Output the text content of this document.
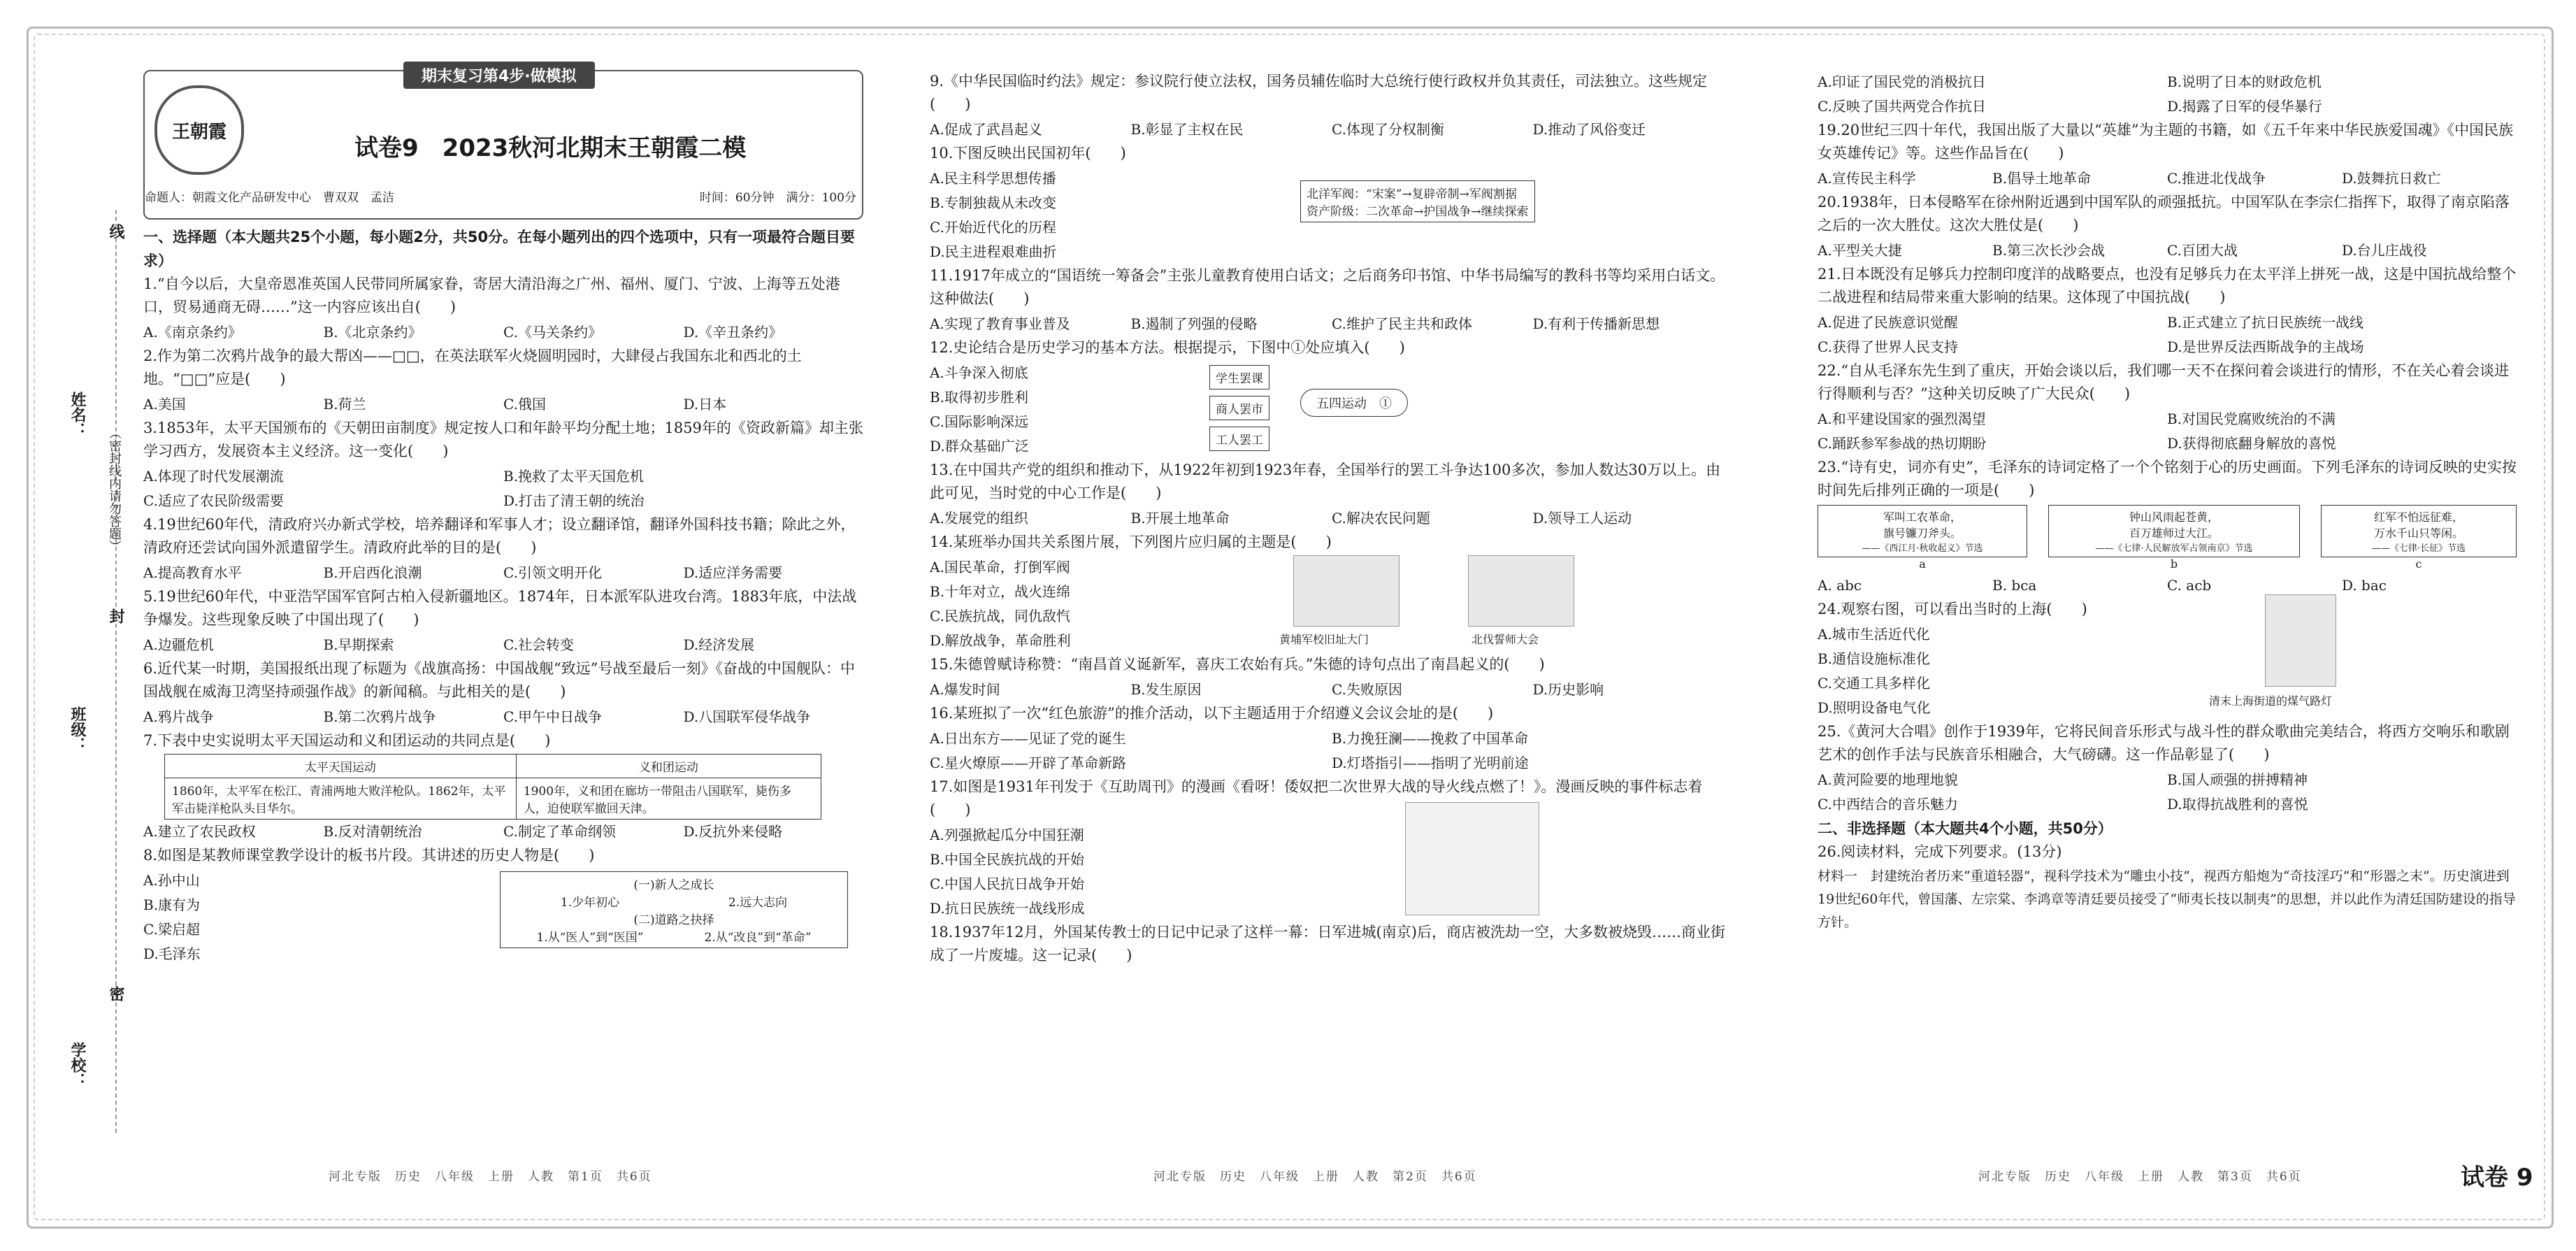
线
姓名：
（密封线内请勿答题）
封
班级：
密
学校：
期末复习第4步·做模拟
王朝霞
试卷9　2023秋河北期末王朝霞二模
命题人：朝霞文化产品研发中心　曹双双　孟洁	时间：60分钟　满分：100分
一、选择题（本大题共25个小题，每小题2分，共50分。在每小题列出的四个选项中，只有一项最符合题目要求）
1.“自今以后，大皇帝恩准英国人民带同所属家眷，寄居大清沿海之广州、福州、厦门、宁波、上海等五处港口，贸易通商无碍……”这一内容应该出自(　　)
A.《南京条约》	B.《北京条约》	C.《马关条约》	D.《辛丑条约》
2.作为第二次鸦片战争的最大帮凶——□□，在英法联军火烧圆明园时，大肆侵占我国东北和西北的土地。“□□”应是(　　)
A.美国	B.荷兰	C.俄国	D.日本
3.1853年，太平天国颁布的《天朝田亩制度》规定按人口和年龄平均分配土地；1859年的《资政新篇》却主张学习西方，发展资本主义经济。这一变化(　　)
A.体现了时代发展潮流	B.挽救了太平天国危机
C.适应了农民阶级需要	D.打击了清王朝的统治
4.19世纪60年代，清政府兴办新式学校，培养翻译和军事人才；设立翻译馆，翻译外国科技书籍；除此之外，清政府还尝试向国外派遣留学生。清政府此举的目的是(　　)
A.提高教育水平	B.开启西化浪潮	C.引领文明开化	D.适应洋务需要
5.19世纪60年代，中亚浩罕国军官阿古柏入侵新疆地区。1874年，日本派军队进攻台湾。1883年底，中法战争爆发。这些现象反映了中国出现了(　　)
A.边疆危机	B.早期探索	C.社会转变	D.经济发展
6.近代某一时期，美国报纸出现了标题为《战旗高扬：中国战舰“致远”号战至最后一刻》《奋战的中国舰队：中国战舰在威海卫湾坚持顽强作战》的新闻稿。与此相关的是(　　)
A.鸦片战争	B.第二次鸦片战争	C.甲午中日战争	D.八国联军侵华战争
7.下表中史实说明太平天国运动和义和团运动的共同点是(　　)
太平天国运动	义和团运动
1860年，太平军在松江、青浦两地大败洋枪队。1862年，太平军击毙洋枪队头目华尔。	1900年，义和团在廊坊一带阻击八国联军，毙伤多人，迫使联军撤回天津。
A.建立了农民政权	B.反对清朝统治	C.制定了革命纲领	D.反抗外来侵略
8.如图是某教师课堂教学设计的板书片段。其讲述的历史人物是(　　)
A.孙中山
B.康有为
C.梁启超
D.毛泽东
(一)新人之成长
1.少年初心	2.远大志向
(二)道路之抉择
1.从“医人”到“医国”	2.从“改良”到“革命”
河北专版　历史　八年级　上册　人教　第1页　共6页
9.《中华民国临时约法》规定：参议院行使立法权，国务员辅佐临时大总统行使行政权并负其责任，司法独立。这些规定(　　)
A.促成了武昌起义	B.彰显了主权在民	C.体现了分权制衡	D.推动了风俗变迁
10.下图反映出民国初年(　　)
A.民主科学思想传播
B.专制独裁从未改变
C.开始近代化的历程
D.民主进程艰难曲折
北洋军阀：“宋案”→复辟帝制→军阀割据
资产阶级：二次革命→护国战争→继续探索
11.1917年成立的“国语统一筹备会”主张儿童教育使用白话文；之后商务印书馆、中华书局编写的教科书等均采用白话文。这种做法(　　)
A.实现了教育事业普及	B.遏制了列强的侵略	C.维护了民主共和政体	D.有利于传播新思想
12.史论结合是历史学习的基本方法。根据提示，下图中①处应填入(　　)
A.斗争深入彻底
B.取得初步胜利
C.国际影响深远
D.群众基础广泛
学生罢课
商人罢市
工人罢工
五四运动　①
13.在中国共产党的组织和推动下，从1922年初到1923年春，全国举行的罢工斗争达100多次，参加人数达30万以上。由此可见，当时党的中心工作是(　　)
A.发展党的组织	B.开展土地革命	C.解决农民问题	D.领导工人运动
14.某班举办国共关系图片展，下列图片应归属的主题是(　　)
A.国民革命，打倒军阀
B.十年对立，战火连绵
C.民族抗战，同仇敌忾
D.解放战争，革命胜利	黄埔军校旧址大门	北伐誓师大会
15.朱德曾赋诗称赞：“南昌首义诞新军，喜庆工农始有兵。”朱德的诗句点出了南昌起义的(　　)
A.爆发时间	B.发生原因	C.失败原因	D.历史影响
16.某班拟了一次“红色旅游”的推介活动，以下主题适用于介绍遵义会议会址的是(　　)
A.日出东方——见证了党的诞生	B.力挽狂澜——挽救了中国革命
C.星火燎原——开辟了革命新路	D.灯塔指引——指明了光明前途
17.如图是1931年刊发于《互助周刊》的漫画《看呀！倭奴把二次世界大战的导火线点燃了！》。漫画反映的事件标志着(　　)
A.列强掀起瓜分中国狂潮
B.中国全民族抗战的开始
C.中国人民抗日战争开始
D.抗日民族统一战线形成
18.1937年12月，外国某传教士的日记中记录了这样一幕：日军进城(南京)后，商店被洗劫一空，大多数被烧毁……商业街成了一片废墟。这一记录(　　)
河北专版　历史　八年级　上册　人教　第2页　共6页
A.印证了国民党的消极抗日	B.说明了日本的财政危机
C.反映了国共两党合作抗日	D.揭露了日军的侵华暴行
19.20世纪三四十年代，我国出版了大量以“英雄”为主题的书籍，如《五千年来中华民族爱国魂》《中国民族女英雄传记》等。这些作品旨在(　　)
A.宣传民主科学	B.倡导土地革命	C.推进北伐战争	D.鼓舞抗日救亡
20.1938年，日本侵略军在徐州附近遇到中国军队的顽强抵抗。中国军队在李宗仁指挥下，取得了南京陷落之后的一次大胜仗。这次大胜仗是(　　)
A.平型关大捷	B.第三次长沙会战	C.百团大战	D.台儿庄战役
21.日本既没有足够兵力控制印度洋的战略要点，也没有足够兵力在太平洋上拼死一战，这是中国抗战给整个二战进程和结局带来重大影响的结果。这体现了中国抗战(　　)
A.促进了民族意识觉醒	B.正式建立了抗日民族统一战线
C.获得了世界人民支持	D.是世界反法西斯战争的主战场
22.“自从毛泽东先生到了重庆，开始会谈以后，我们哪一天不在探问着会谈进行的情形，不在关心着会谈进行得顺利与否？”这种关切反映了广大民众(　　)
A.和平建设国家的强烈渴望	B.对国民党腐败统治的不满
C.踊跃参军参战的热切期盼	D.获得彻底翻身解放的喜悦
23.“诗有史，词亦有史”，毛泽东的诗词定格了一个个铭刻于心的历史画面。下列毛泽东的诗词反映的史实按时间先后排列正确的一项是(　　)
军叫工农革命，
旗号镰刀斧头。
——《西江月·秋收起义》节选
a
钟山风雨起苍黄，
百万雄师过大江。
——《七律·人民解放军占领南京》节选
b
红军不怕远征难，
万水千山只等闲。
——《七律·长征》节选
c
A. abc	B. bca	C. acb	D. bac
24.观察右图，可以看出当时的上海(　　)
A.城市生活近代化
B.通信设施标准化
C.交通工具多样化
D.照明设备电气化	清末上海街道的煤气路灯
25.《黄河大合唱》创作于1939年，它将民间音乐形式与战斗性的群众歌曲完美结合，将西方交响乐和歌剧艺术的创作手法与民族音乐相融合，大气磅礴。这一作品彰显了(　　)
A.黄河险要的地理地貌	B.国人顽强的拼搏精神
C.中西结合的音乐魅力	D.取得抗战胜利的喜悦
二、非选择题（本大题共4个小题，共50分）
26.阅读材料，完成下列要求。(13分)
材料一　封建统治者历来“重道轻器”，视科学技术为“雕虫小技”，视西方船炮为“奇技淫巧”和“形器之末”。历史演进到19世纪60年代，曾国藩、左宗棠、李鸿章等清廷要员接受了“师夷长技以制夷”的思想，并以此作为清廷国防建设的指导方针。
河北专版　历史　八年级　上册　人教　第3页　共6页	试卷 9
